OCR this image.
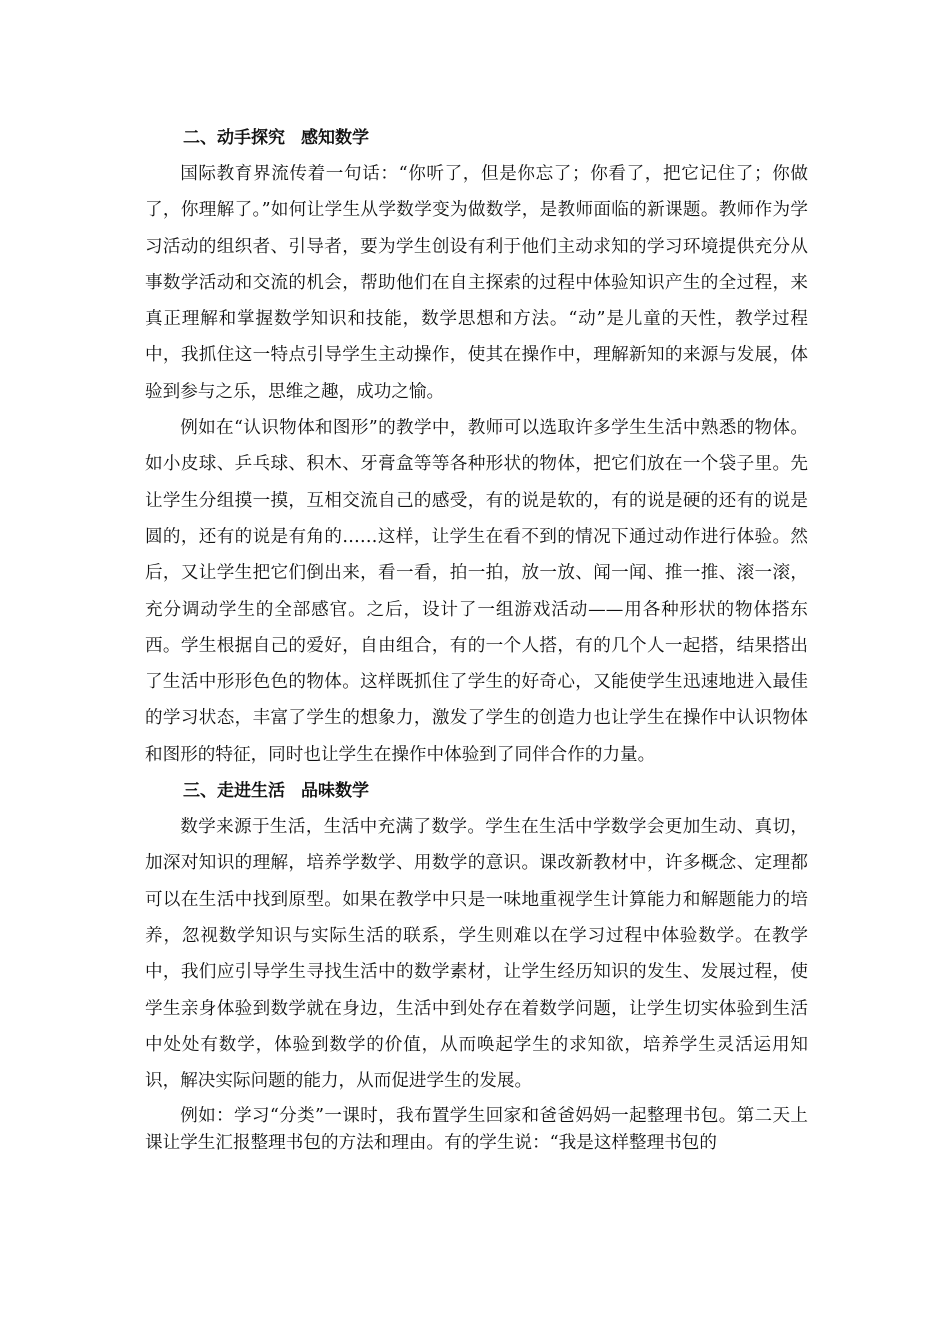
二、动手探究 感知数学

国际教育界流传着一句话：“你听了，但是你忘了；你看了，把它记住了；你做了，你理解了。”如何让学生从学数学变为做数学，是教师面临的新课题。教师作为学习活动的组织者、引导者，要为学生创设有利于他们主动求知的学习环境提供充分从事数学活动和交流的机会，帮助他们在自主探索的过程中体验知识产生的全过程，来真正理解和掌握数学知识和技能，数学思想和方法。“动”是儿童的天性，教学过程中，我抓住这一特点引导学生主动操作，使其在操作中，理解新知的来源与发展，体验到参与之乐，思维之趣，成功之愉。

例如在“认识物体和图形”的教学中，教师可以选取许多学生生活中熟悉的物体。如小皮球、乒乓球、积木、牙膏盒等等各种形状的物体，把它们放在一个袋子里。先让学生分组摸一摸，互相交流自己的感受，有的说是软的，有的说是硬的还有的说是圆的，还有的说是有角的……这样，让学生在看不到的情况下通过动作进行体验。然后，又让学生把它们倒出来，看一看，拍一拍，放一放、闻一闻、推一推、滚一滚，充分调动学生的全部感官。之后，设计了一组游戏活动——用各种形状的物体搭东西。学生根据自己的爱好，自由组合，有的一个人搭，有的几个人一起搭，结果搭出了生活中形形色色的物体。这样既抓住了学生的好奇心，又能使学生迅速地进入最佳的学习状态，丰富了学生的想象力，激发了学生的创造力也让学生在操作中认识物体和图形的特征，同时也让学生在操作中体验到了同伴合作的力量。

三、走进生活 品味数学

数学来源于生活，生活中充满了数学。学生在生活中学数学会更加生动、真切，加深对知识的理解，培养学数学、用数学的意识。课改新教材中，许多概念、定理都可以在生活中找到原型。如果在教学中只是一味地重视学生计算能力和解题能力的培养，忽视数学知识与实际生活的联系，学生则难以在学习过程中体验数学。在教学中，我们应引导学生寻找生活中的数学素材，让学生经历知识的发生、发展过程，使学生亲身体验到数学就在身边，生活中到处存在着数学问题，让学生切实体验到生活中处处有数学，体验到数学的价值，从而唤起学生的求知欲，培养学生灵活运用知识，解决实际问题的能力，从而促进学生的发展。

例如：学习“分类”一课时，我布置学生回家和爸爸妈妈一起整理书包。第二天上课让学生汇报整理书包的方法和理由。有的学生说：“我是这样整理书包的
